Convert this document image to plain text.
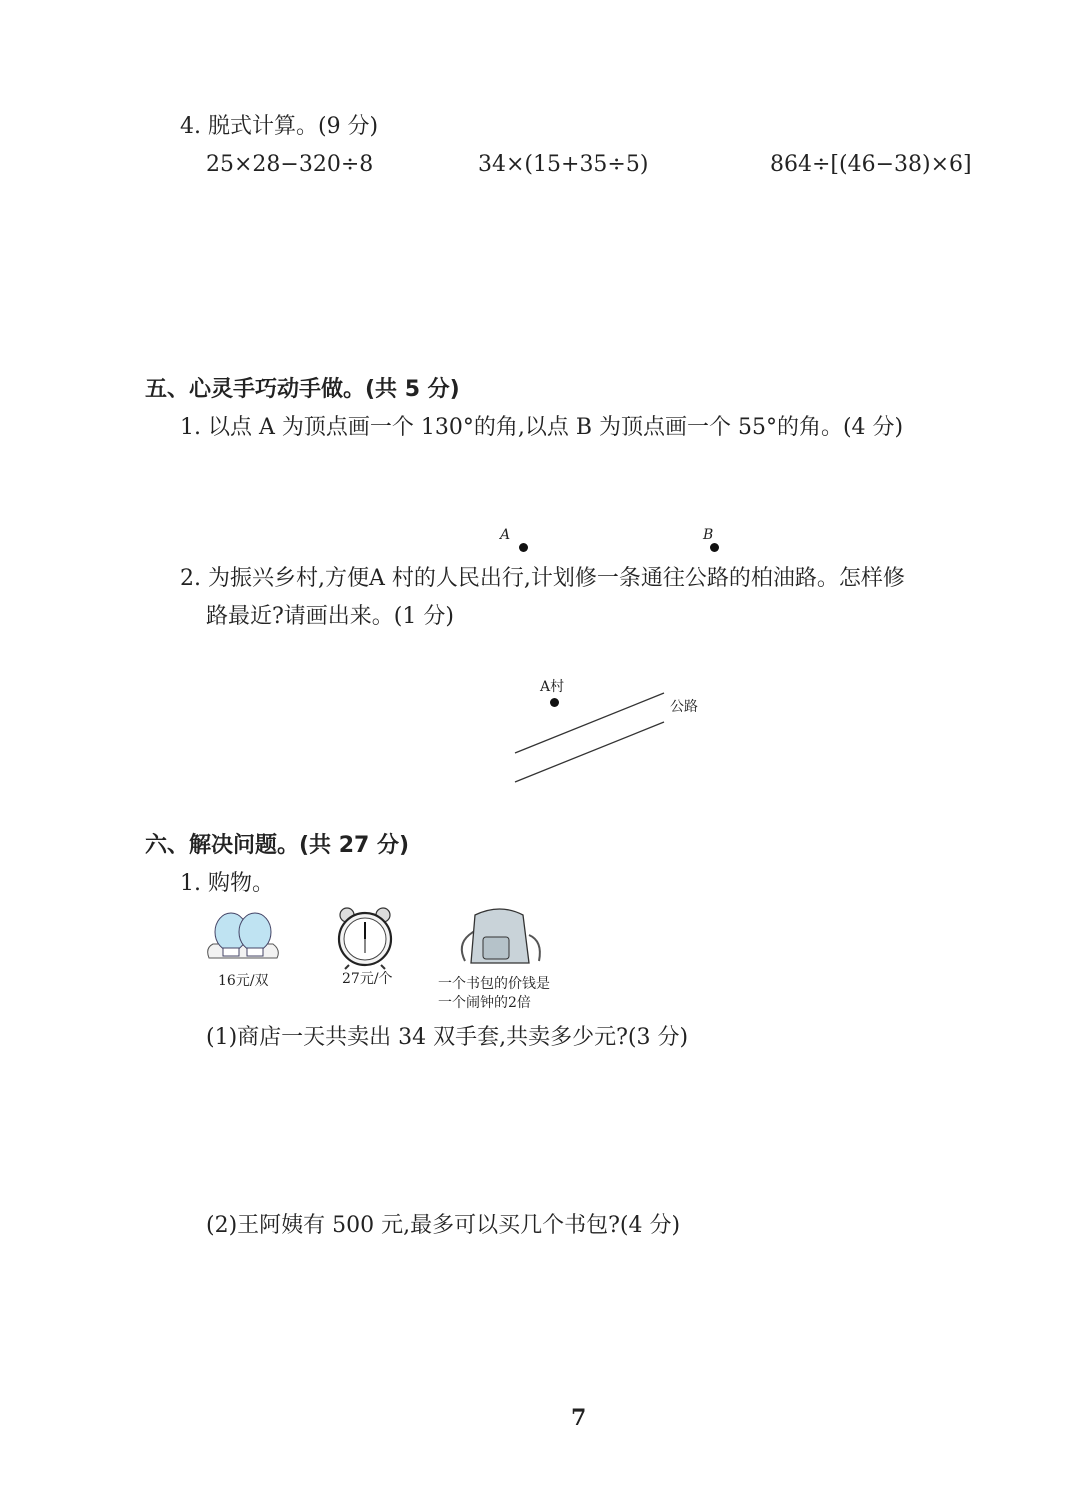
4. 脱式计算。(9 分)
25×28−320÷8	34×(15+35÷5)	864÷[(46−38)×6]
五、心灵手巧动手做。(共 5 分)
1. 以点 A 为顶点画一个 130°的角,以点 B 为顶点画一个 55°的角。(4 分)
A	B
2. 为振兴乡村,方便A 村的人民出行,计划修一条通往公路的柏油路。怎样修
路最近?请画出来。(1 分)
A村
公路
六、解决问题。(共 27 分)
1. 购物。
16元/双	27元/个	一个书包的价钱是
一个闹钟的2倍
(1)商店一天共卖出 34 双手套,共卖多少元?(3 分)
(2)王阿姨有 500 元,最多可以买几个书包?(4 分)
7
